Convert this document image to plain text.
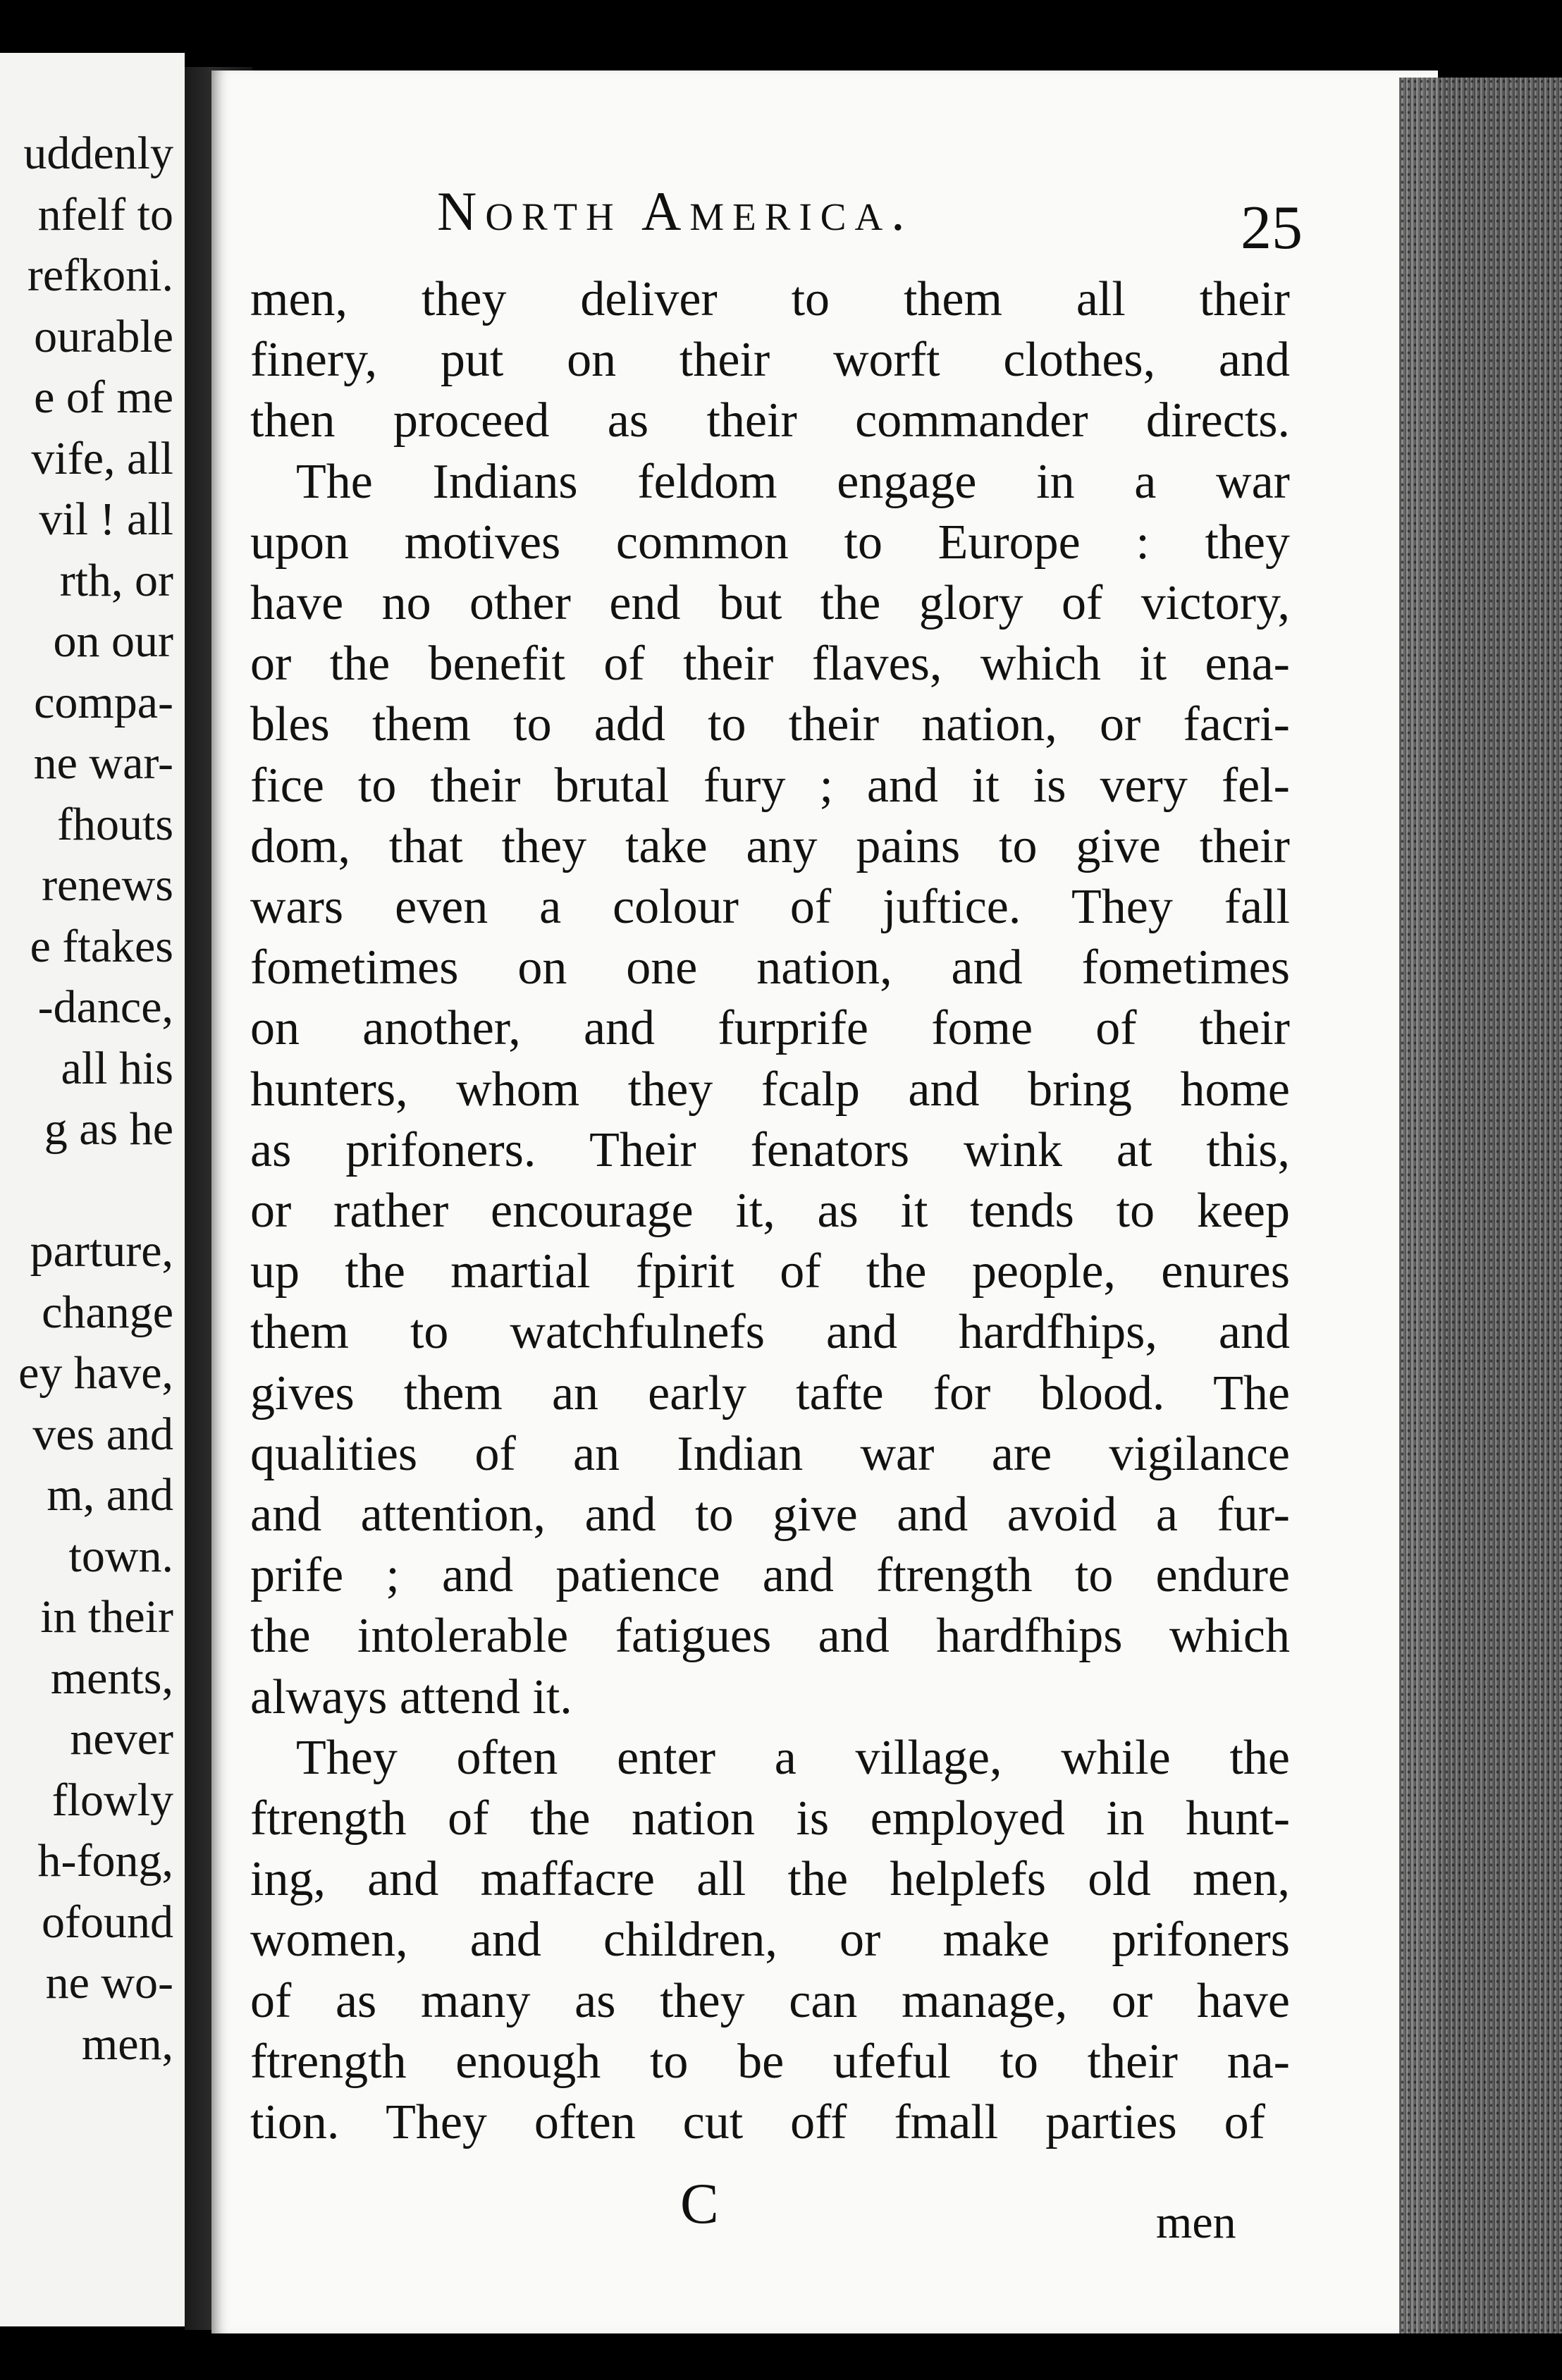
uddenly
nfelf to
refkoni.
ourable
e of me
vife, all
vil ! all
rth, or
on our
compa-
ne war-
fhouts
renews
e ftakes
-dance,
all his
g as he
parture,
change
ey have,
ves and
m, and
town.
in their
ments,
never
flowly
h-fong,
ofound
ne wo-
men,
North America.	25
men, they deliver to them all their
finery, put on their worft clothes, and
then proceed as their commander directs.
The Indians feldom engage in a war
upon motives common to Europe : they
have no other end but the glory of victory,
or the benefit of their flaves, which it ena-
bles them to add to their nation, or facri-
fice to their brutal fury ; and it is very fel-
dom, that they take any pains to give their
wars even a colour of juftice. They fall
fometimes on one nation, and fometimes
on another, and furprife fome of their
hunters, whom they fcalp and bring home
as prifoners. Their fenators wink at this,
or rather encourage it, as it tends to keep
up the martial fpirit of the people, enures
them to watchfulnefs and hardfhips, and
gives them an early tafte for blood. The
qualities of an Indian war are vigilance
and attention, and to give and avoid a fur-
prife ; and patience and ftrength to endure
the intolerable fatigues and hardfhips which
always attend it.
They often enter a village, while the
ftrength of the nation is employed in hunt-
ing, and maffacre all the helplefs old men,
women, and children, or make prifoners
of as many as they can manage, or have
ftrength enough to be ufeful to their na-
tion. They often cut off fmall parties of
C	men
